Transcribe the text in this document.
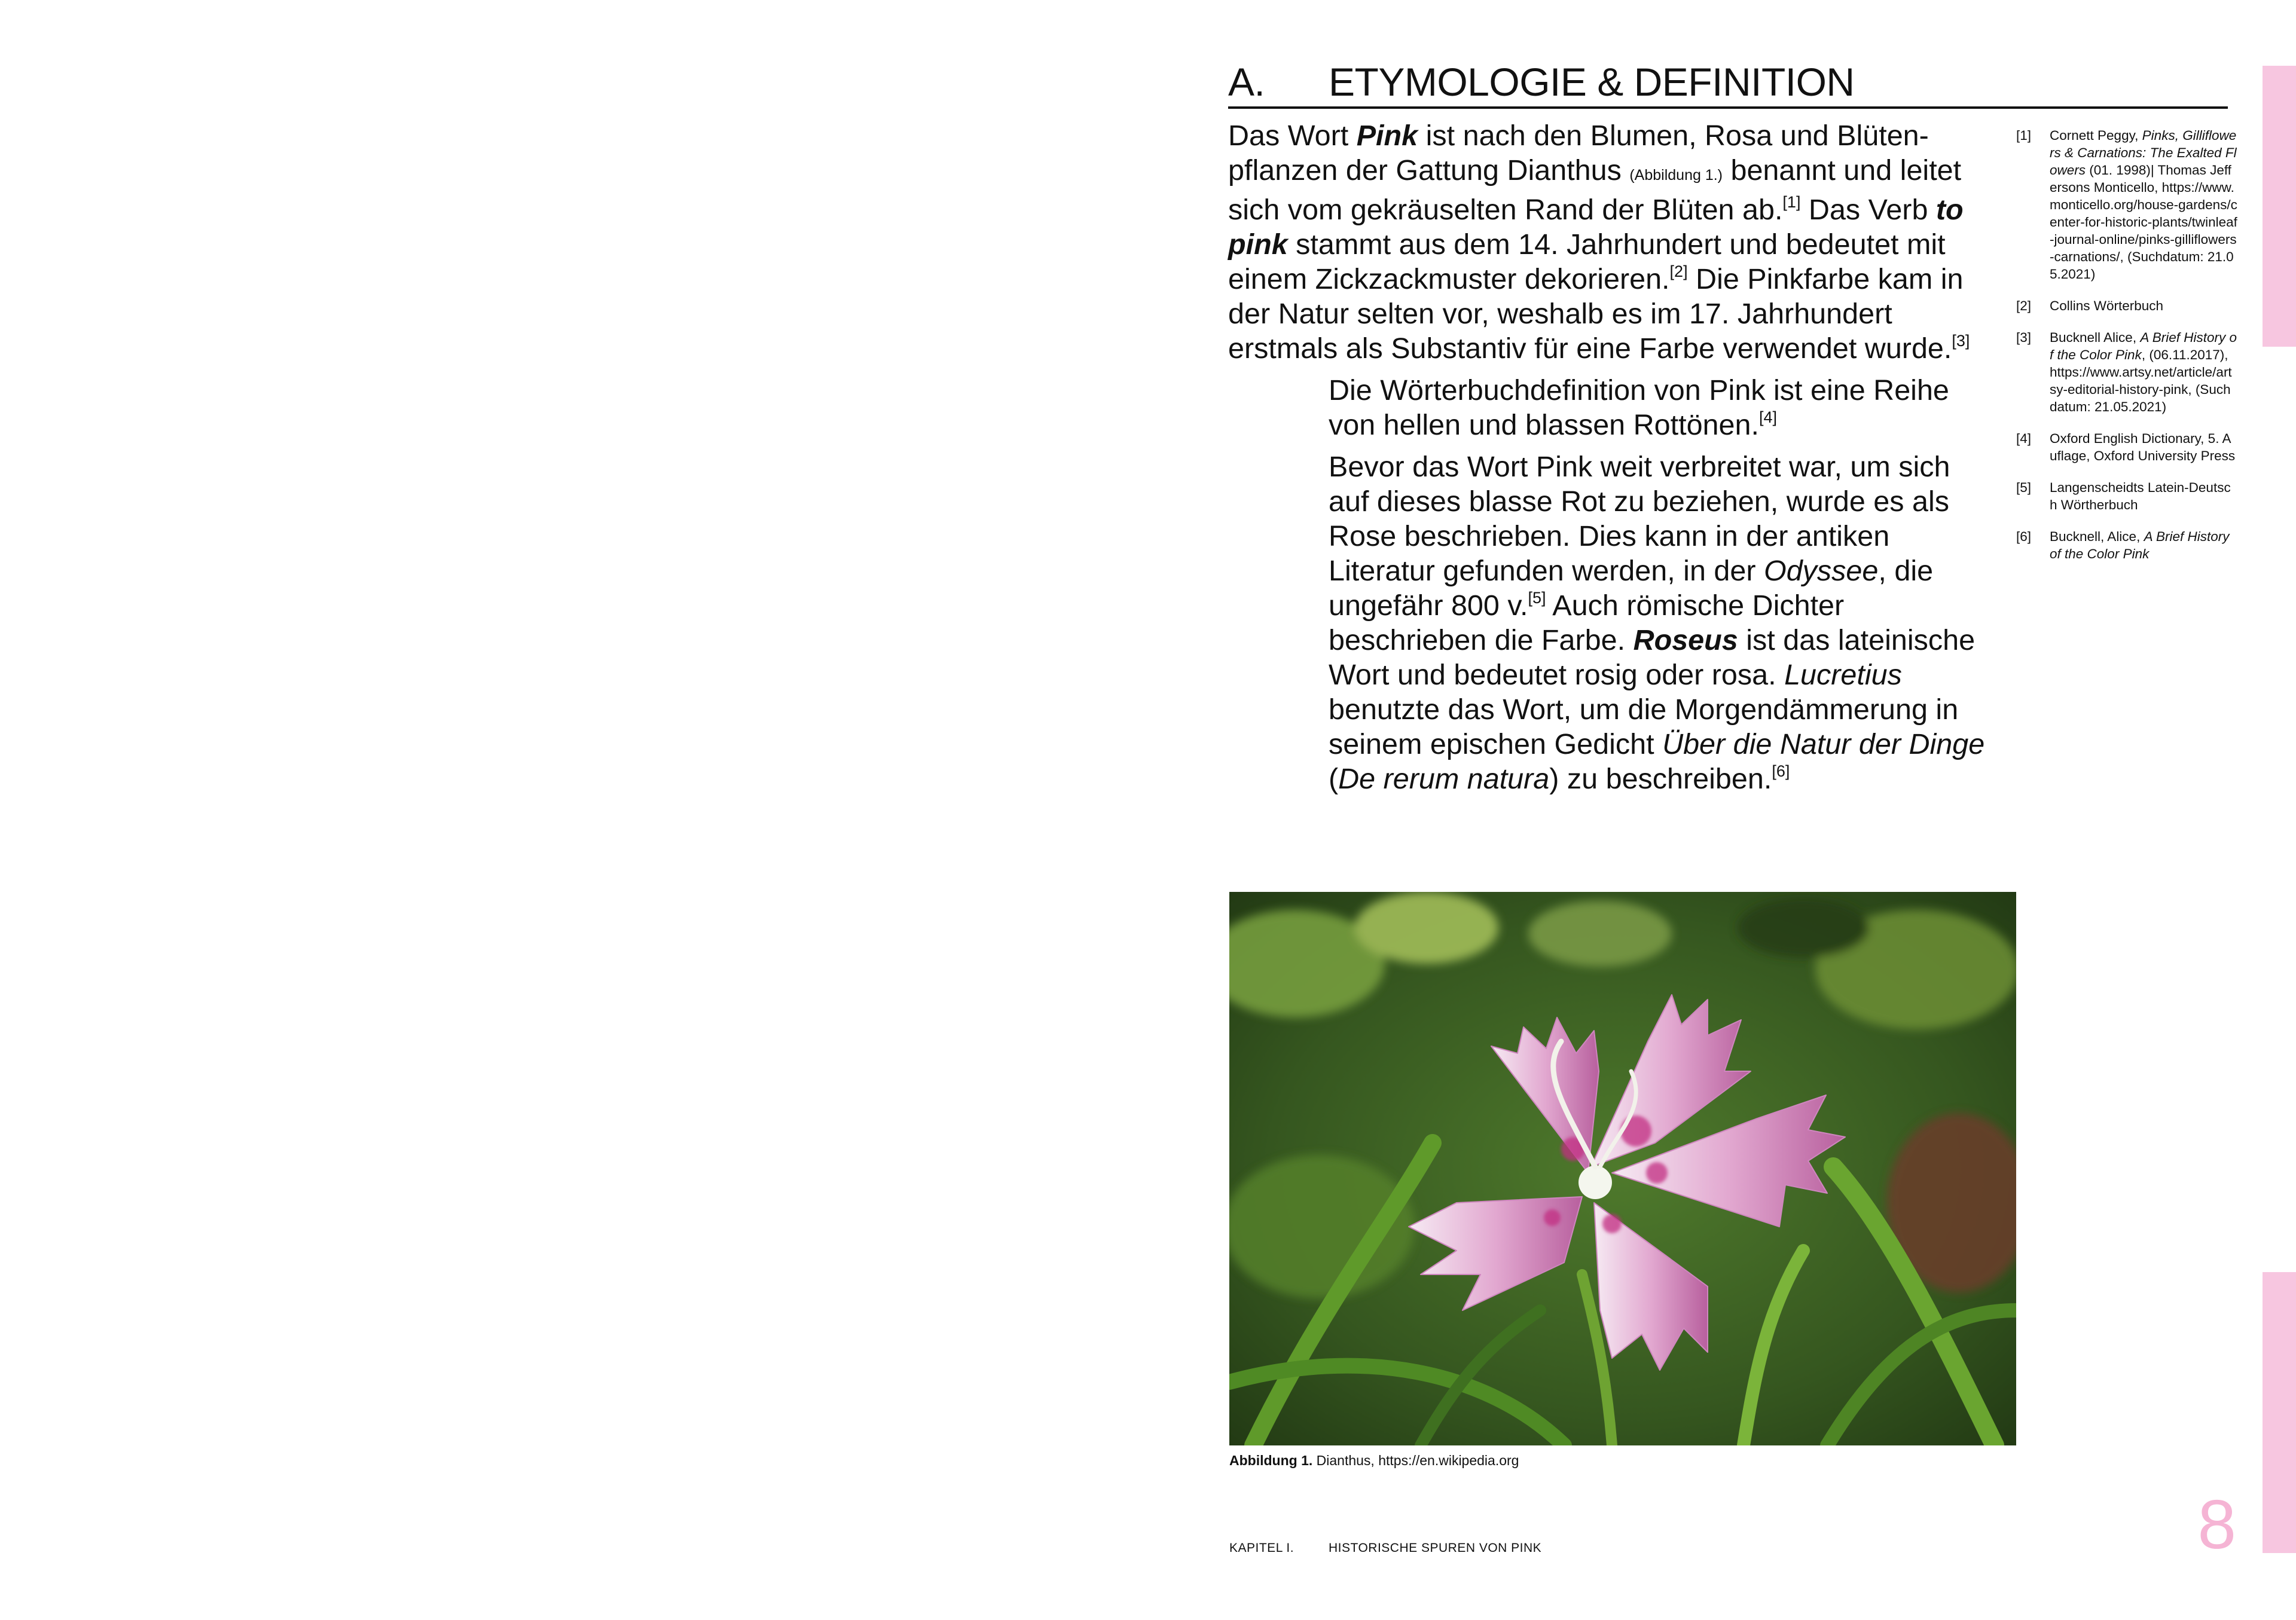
A. ETYMOLOGIE & DEFINITION

Das Wort Pink ist nach den Blumen, Rosa und Blütenpflanzen der Gattung Dianthus (Abbildung 1.) benannt und leitet sich vom gekräuselten Rand der Blüten ab.[1] Das Verb to pink stammt aus dem 14. Jahrhundert und bedeutet mit einem Zickzackmuster dekorieren.[2] Die Pinkfarbe kam in der Natur selten vor, weshalb es im 17. Jahrhundert erstmals als Substantiv für eine Farbe verwendet wurde.[3]

Die Wörterbuchdefinition von Pink ist eine Reihe von hellen und blassen Rottönen.[4]

Bevor das Wort Pink weit verbreitet war, um sich auf dieses blasse Rot zu beziehen, wurde es als Rose beschrieben. Dies kann in der antiken Literatur gefunden werden, in der Odyssee, die ungefähr 800 v.[5] Auch römische Dichter beschrieben die Farbe. Roseus ist das lateinische Wort und bedeutet rosig oder rosa. Lucretius benutzte das Wort, um die Morgendämmerung in seinem epischen Gedicht Über die Natur der Dinge (De rerum natura) zu beschreiben.[6]

[1] Cornett Peggy, Pinks, Gilliflowers & Carnations: The Exalted Flowers (01. 1998)| Thomas Jeffersons Monticello, https://www.monticello.org/house-gardens/center-for-historic-plants/twinleaf-journal-online/pinks-gilliflowers-carnations/, (Suchdatum: 21.05.2021)
[2] Collins Wörterbuch
[3] Bucknell Alice, A Brief History of the Color Pink, (06.11.2017), https://www.artsy.net/article/artsy-editorial-history-pink, (Suchdatum: 21.05.2021)
[4] Oxford English Dictionary, 5. Auflage, Oxford University Press
[5] Langenscheidts Latein-Deutsch Wörtherbuch
[6] Bucknell, Alice, A Brief History of the Color Pink
Abbildung 1. Dianthus, https://en.wikipedia.org
KAPITEL I.	HISTORISCHE SPUREN VON PINK	8
